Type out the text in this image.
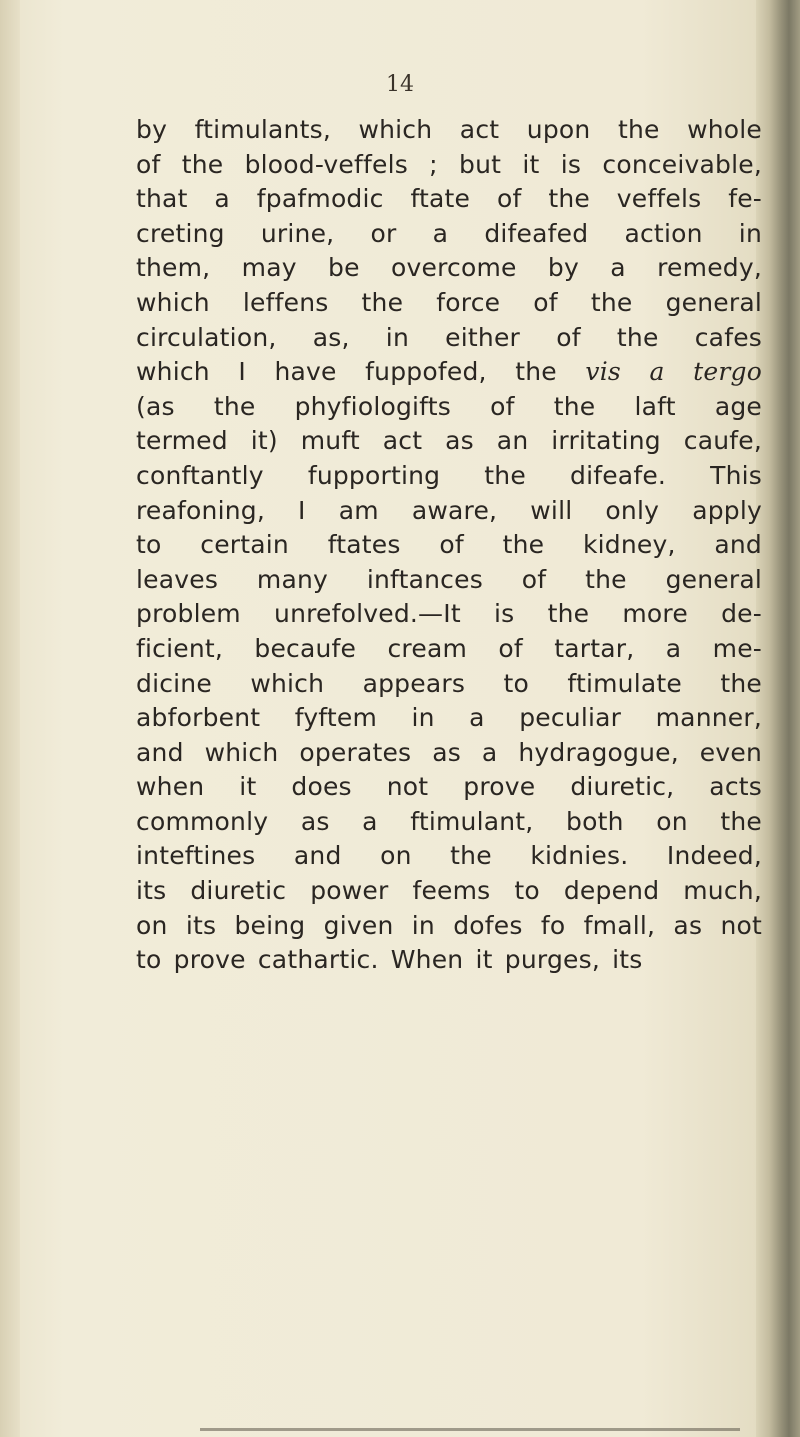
14
by ftimulants, which act upon the whole
of the blood-veffels ; but it is conceivable,
that a fpafmodic ftate of the veffels fe-
creting urine, or a difeafed action in
them, may be overcome by a remedy,
which leffens the force of the general
circulation, as, in either of the cafes
which I have fuppofed, the vis a tergo
(as the phyfiologifts of the laft age
termed it) muft act as an irritating caufe,
conftantly fupporting the difeafe. This
reafoning, I am aware, will only apply
to certain ftates of the kidney, and
leaves many inftances of the general
problem unrefolved.—It is the more de-
ficient, becaufe cream of tartar, a me-
dicine which appears to ftimulate the
abforbent fyftem in a peculiar manner,
and which operates as a hydragogue, even
when it does not prove diuretic, acts
commonly as a ftimulant, both on the
inteftines and on the kidnies. Indeed,
its diuretic power feems to depend much,
on its being given in dofes fo fmall, as not
to prove cathartic. When it purges, its
